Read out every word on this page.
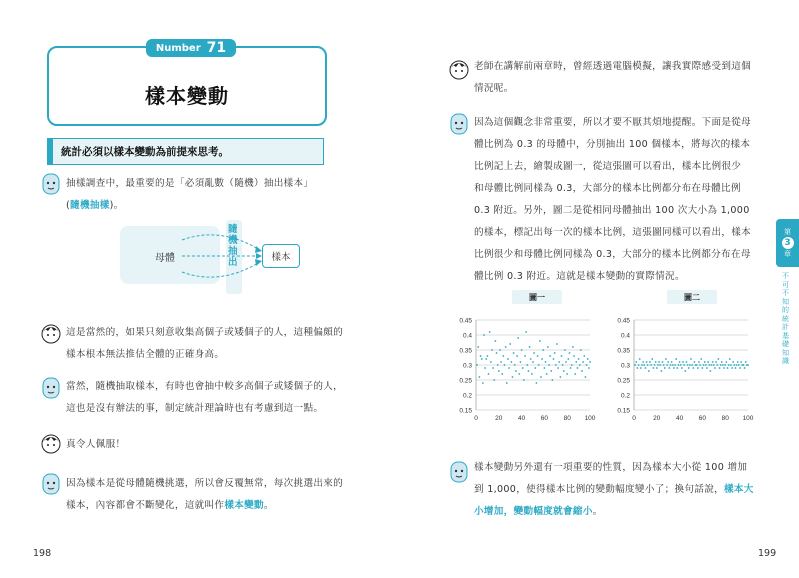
Number 71
樣本變動
統計必須以樣本變動為前提來思考。
抽樣調查中，最重要的是「必須亂數（隨機）抽出樣本」(隨機抽樣)。
母體
隨機抽出	樣本
這是當然的，如果只刻意收集高個子或矮個子的人，這種偏頗的
樣本根本無法推估全體的正確身高。
當然，隨機抽取樣本，有時也會抽中較多高個子或矮個子的人，
這也是沒有辦法的事，制定統計理論時也有考慮到這一點。
真令人佩服！
因為樣本是從母體隨機挑選，所以會反覆無常，每次挑選出來的
樣本，內容都會不斷變化，這就叫作樣本變動。
198
老師在講解前兩章時，曾經透過電腦模擬，讓我實際感受到這個
情況呢。
因為這個觀念非常重要，所以才要不厭其煩地提醒。下面是從母
體比例為 0.3 的母體中，分別抽出 100 個樣本，將每次的樣本
比例記上去，繪製成圖一，從這張圖可以看出，樣本比例很少
和母體比例同樣為 0.3，大部分的樣本比例都分布在母體比例
0.3 附近。另外，圖二是從相同母體抽出 100 次大小為 1,000
的樣本，標記出每一次的樣本比例，這張圖同樣可以看出，樣本
比例很少和母體比例同樣為 0.3，大部分的樣本比例都分布在母
體比例 0.3 附近。這就是樣本變動的實際情況。
圖一	圖二
0.45
0.4
0.35
0.3
0.25
0.2
0.15
0	20 40 60 80 100
0.45
0.4
0.35
0.3
0.25
0.2
0.15
0	20 40 60 80 100
樣本變動另外還有一項重要的性質，因為樣本大小從 100 增加
到 1,000，使得樣本比例的變動幅度變小了；換句話說，樣本大
小增加，變動幅度就會縮小。
199
第
3
章
不可不知的統計基礎知識
